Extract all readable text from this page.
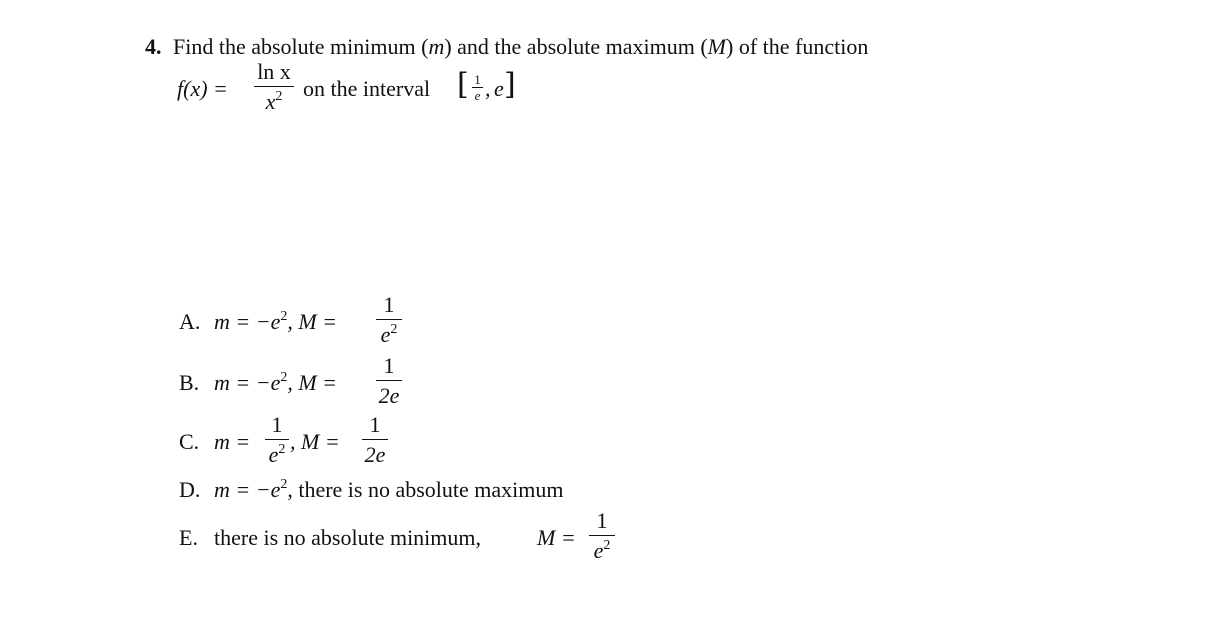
4. Find the absolute minimum (m) and the absolute maximum (M) of the function
f(x) =
ln x
$x^2$ on the interval [ 1
e , e ]
A. $m = -e^2$, M =
1
$e^2$
B. $m = -e^2$, M =
1
2e
C. m =
1
$e^2$ , M =
1
2e
D. $m = -e^2$, there is no absolute maximum
E. there is no absolute minimum,	M =
1
$e^2$
